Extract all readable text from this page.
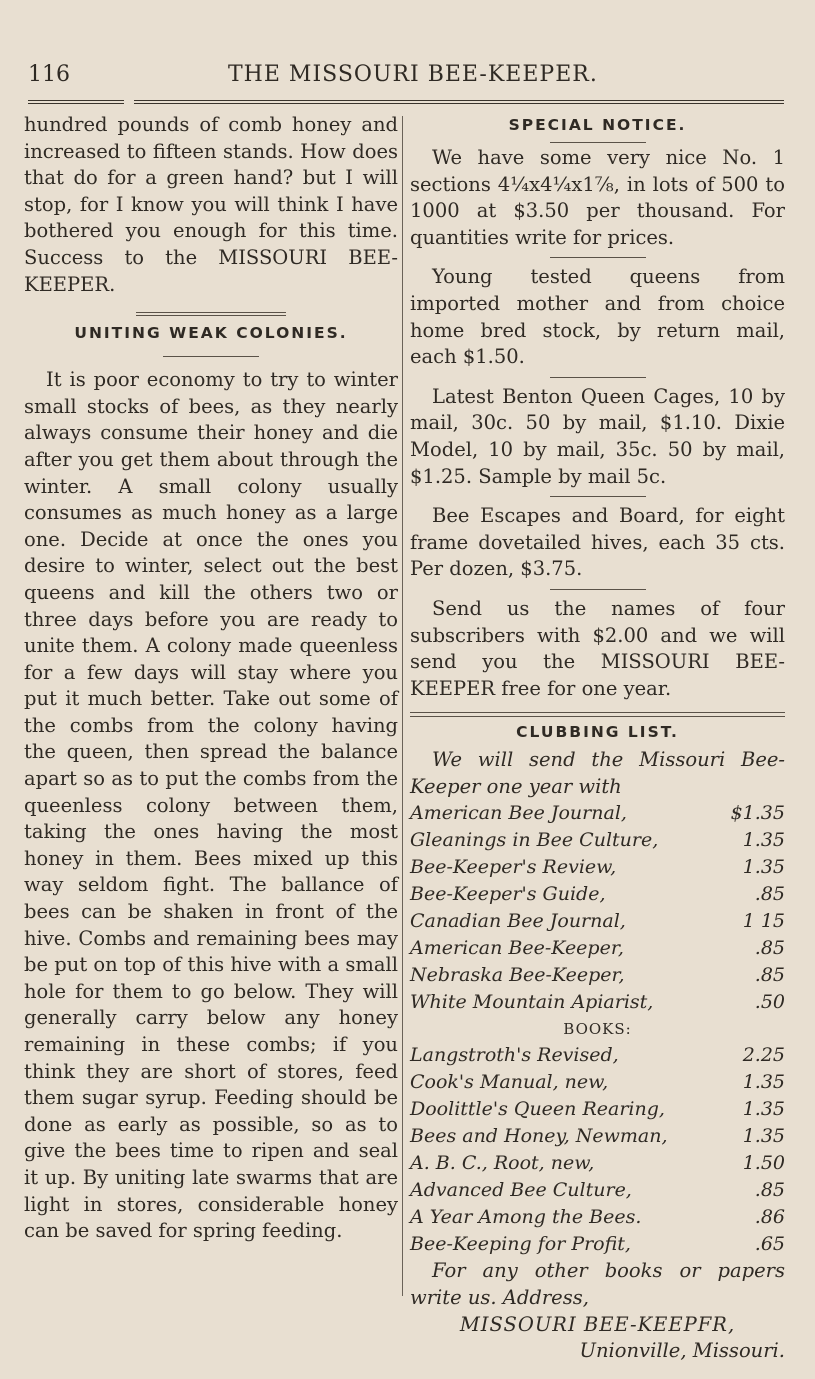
116	THE MISSOURI BEE-KEEPER.

hundred pounds of comb honey and increased to fifteen stands. How does that do for a green hand? but I will stop, for I know you will think I have bothered you enough for this time. Success to the MISSOURI BEE-KEEPER.

UNITING WEAK COLONIES.

It is poor economy to try to winter small stocks of bees, as they nearly always consume their honey and die after you get them about through the winter. A small colony usually consumes as much honey as a large one. Decide at once the ones you desire to winter, select out the best queens and kill the others two or three days before you are ready to unite them. A colony made queenless for a few days will stay where you put it much better. Take out some of the combs from the colony having the queen, then spread the balance apart so as to put the combs from the queenless colony between them, taking the ones having the most honey in them. Bees mixed up this way seldom fight. The ballance of bees can be shaken in front of the hive. Combs and remaining bees may be put on top of this hive with a small hole for them to go below. They will generally carry below any honey remaining in these combs; if you think they are short of stores, feed them sugar syrup. Feeding should be done as early as possible, so as to give the bees time to ripen and seal it up. By uniting late swarms that are light in stores, considerable honey can be saved for spring feeding.

SPECIAL NOTICE.

We have some very nice No. 1 sections 4¼x4¼x1⅞, in lots of 500 to 1000 at $3.50 per thousand. For quantities write for prices.

Young tested queens from imported mother and from choice home bred stock, by return mail, each $1.50.

Latest Benton Queen Cages, 10 by mail, 30c. 50 by mail, $1.10. Dixie Model, 10 by mail, 35c. 50 by mail, $1.25. Sample by mail 5c.

Bee Escapes and Board, for eight frame dovetailed hives, each 35 cts. Per dozen, $3.75.

Send us the names of four subscribers with $2.00 and we will send you the MISSOURI BEE-KEEPER free for one year.

CLUBBING LIST.

We will send the Missouri Bee-Keeper one year with

American Bee Journal,	$1.35
Gleanings in Bee Culture,	1.35
Bee-Keeper's Review,	1.35
Bee-Keeper's Guide,	.85
Canadian Bee Journal,	1 15
American Bee-Keeper,	.85
Nebraska Bee-Keeper,	.85
White Mountain Apiarist,	.50
BOOKS:
Langstroth's Revised,	2.25
Cook's Manual, new,	1.35
Doolittle's Queen Rearing,	1.35
Bees and Honey, Newman,	1.35
A. B. C., Root, new,	1.50
Advanced Bee Culture,	.85
A Year Among the Bees.	.86
Bee-Keeping for Profit,	.65

For any other books or papers write us. Address,

MISSOURI BEE-KEEPFR,

Unionville, Missouri.
